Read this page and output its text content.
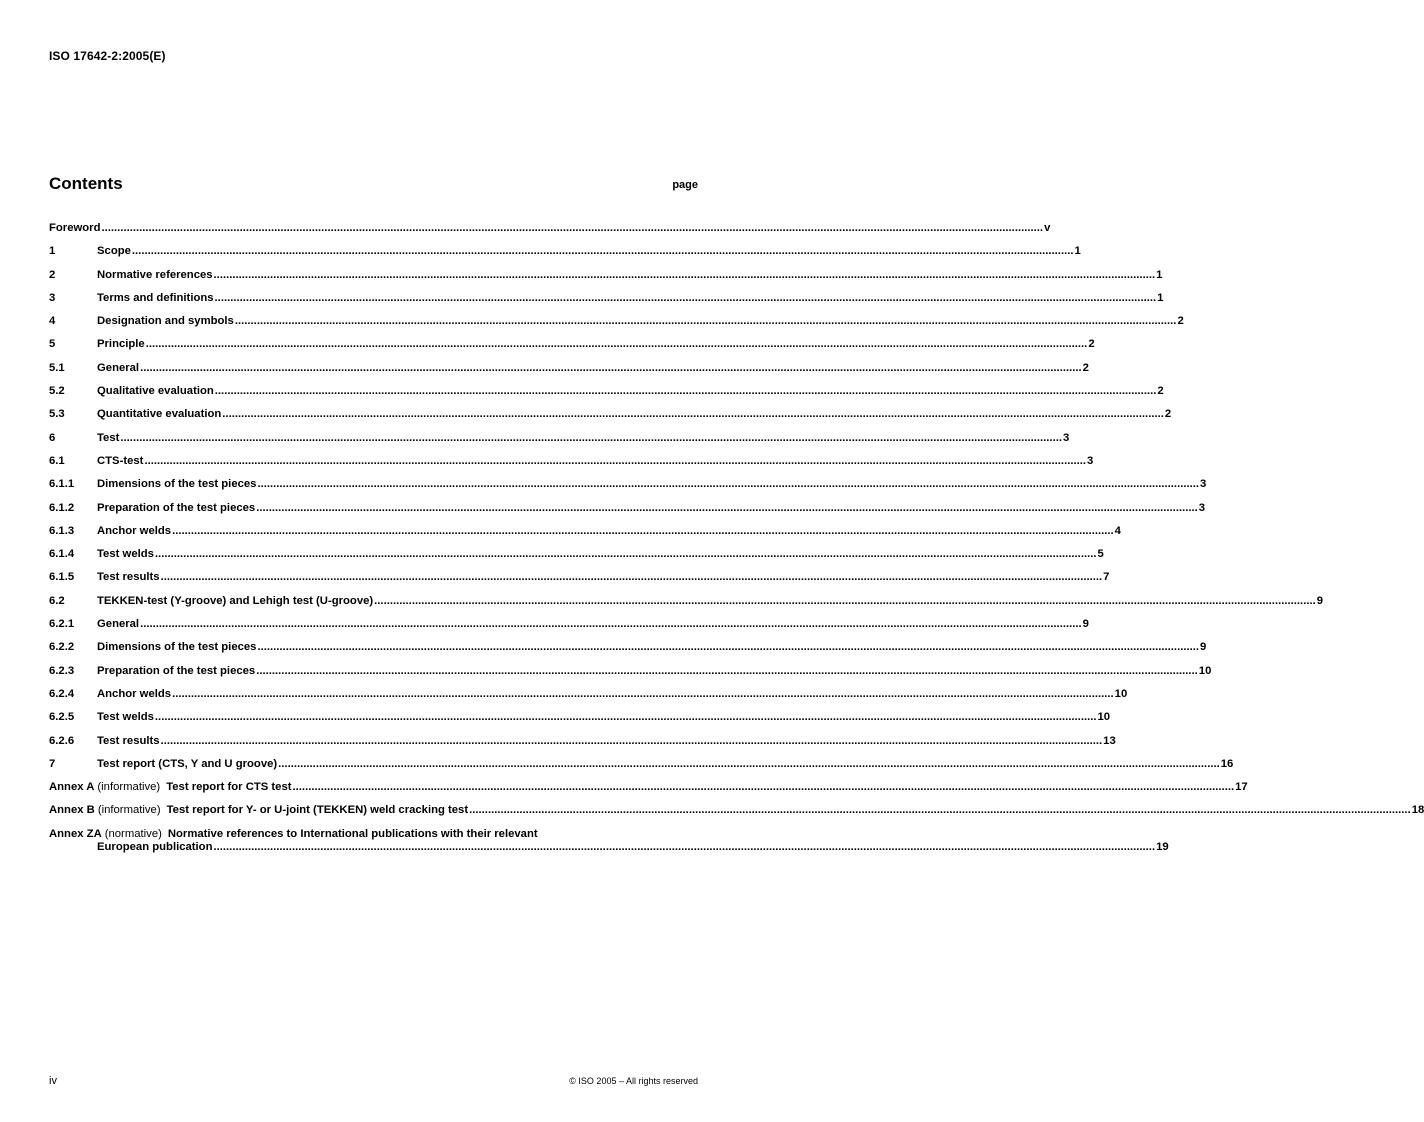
ISO 17642-2:2005(E)
Contents	page
Foreword ............................................................................................................................................................................................................................................................................................................ v
1	Scope ............................................................................................................................................................................................................................................................................................................ 1
2	Normative references ............................................................................................................................................................................................................................................................................................................ 1
3	Terms and definitions ............................................................................................................................................................................................................................................................................................................ 1
4	Designation and symbols ............................................................................................................................................................................................................................................................................................................ 2
5	Principle ............................................................................................................................................................................................................................................................................................................ 2
5.1	General ............................................................................................................................................................................................................................................................................................................ 2
5.2	Qualitative evaluation ............................................................................................................................................................................................................................................................................................................ 2
5.3	Quantitative evaluation ............................................................................................................................................................................................................................................................................................................ 2
6	Test ............................................................................................................................................................................................................................................................................................................ 3
6.1	CTS-test ............................................................................................................................................................................................................................................................................................................ 3
6.1.1	Dimensions of the test pieces ............................................................................................................................................................................................................................................................................................................ 3
6.1.2	Preparation of the test pieces ............................................................................................................................................................................................................................................................................................................ 3
6.1.3	Anchor welds ............................................................................................................................................................................................................................................................................................................ 4
6.1.4	Test welds ............................................................................................................................................................................................................................................................................................................ 5
6.1.5	Test results ............................................................................................................................................................................................................................................................................................................ 7
6.2	TEKKEN-test (Y-groove) and Lehigh test (U-groove) ............................................................................................................................................................................................................................................................................................................ 9
6.2.1	General ............................................................................................................................................................................................................................................................................................................ 9
6.2.2	Dimensions of the test pieces ............................................................................................................................................................................................................................................................................................................ 9
6.2.3	Preparation of the test pieces ............................................................................................................................................................................................................................................................................................................ 10
6.2.4	Anchor welds ............................................................................................................................................................................................................................................................................................................ 10
6.2.5	Test welds ............................................................................................................................................................................................................................................................................................................ 10
6.2.6	Test results ............................................................................................................................................................................................................................................................................................................ 13
7	Test report (CTS, Y and U groove) ............................................................................................................................................................................................................................................................................................................ 16
Annex A (informative) Test report for CTS test ............................................................................................................................................................................................................................................................................................................ 17
Annex B (informative) Test report for Y- or U-joint (TEKKEN) weld cracking test ............................................................................................................................................................................................................................................................................................................ 18
Annex ZA (normative) Normative references to International publications with their relevant
European publication ............................................................................................................................................................................................................................................................................................................ 19
iv	© ISO 2005 – All rights reserved
